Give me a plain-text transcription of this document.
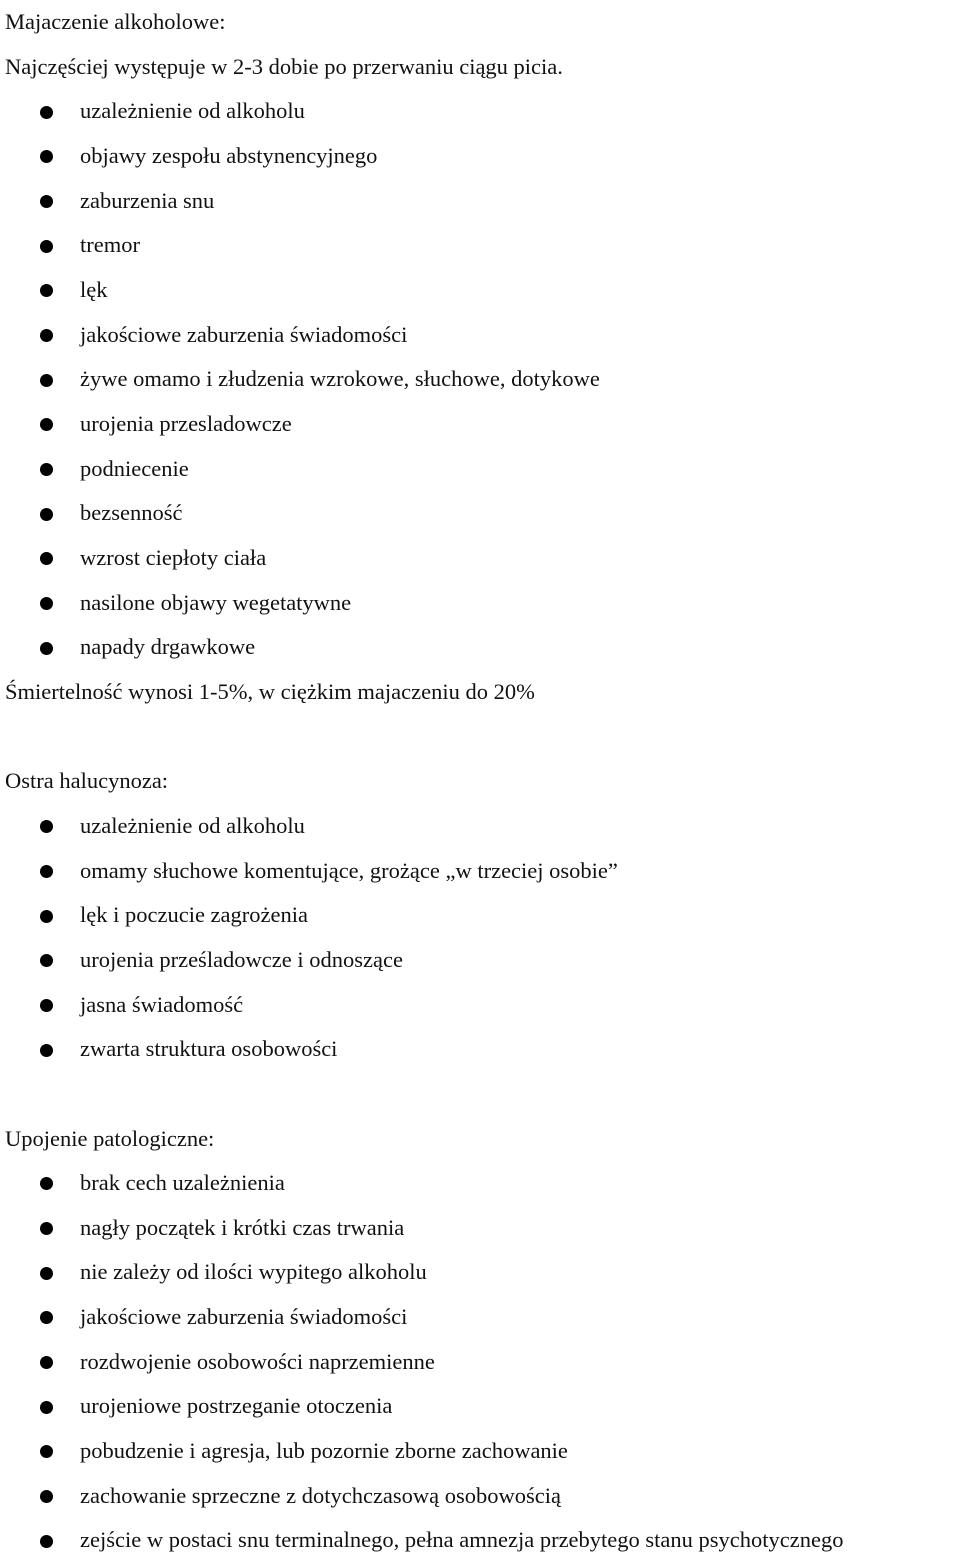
Majaczenie alkoholowe:
Najczęściej występuje w 2-3 dobie po przerwaniu ciągu picia.
uzależnienie od alkoholu
objawy zespołu abstynencyjnego
zaburzenia snu
tremor
lęk
jakościowe zaburzenia świadomości
żywe omamo i złudzenia wzrokowe, słuchowe, dotykowe
urojenia przesladowcze
podniecenie
bezsenność
wzrost ciepłoty ciała
nasilone objawy wegetatywne
napady drgawkowe
Śmiertelność wynosi 1-5%, w ciężkim majaczeniu do 20%
Ostra halucynoza:
uzależnienie od alkoholu
omamy słuchowe komentujące, grożące „w trzeciej osobie”
lęk i poczucie zagrożenia
urojenia prześladowcze i odnoszące
jasna świadomość
zwarta struktura osobowości
Upojenie patologiczne:
brak cech uzależnienia
nagły początek i krótki czas trwania
nie zależy od ilości wypitego alkoholu
jakościowe zaburzenia świadomości
rozdwojenie osobowości naprzemienne
urojeniowe postrzeganie otoczenia
pobudzenie i agresja, lub pozornie zborne zachowanie
zachowanie sprzeczne z dotychczasową osobowością
zejście w postaci snu terminalnego, pełna amnezja przebytego stanu psychotycznego
